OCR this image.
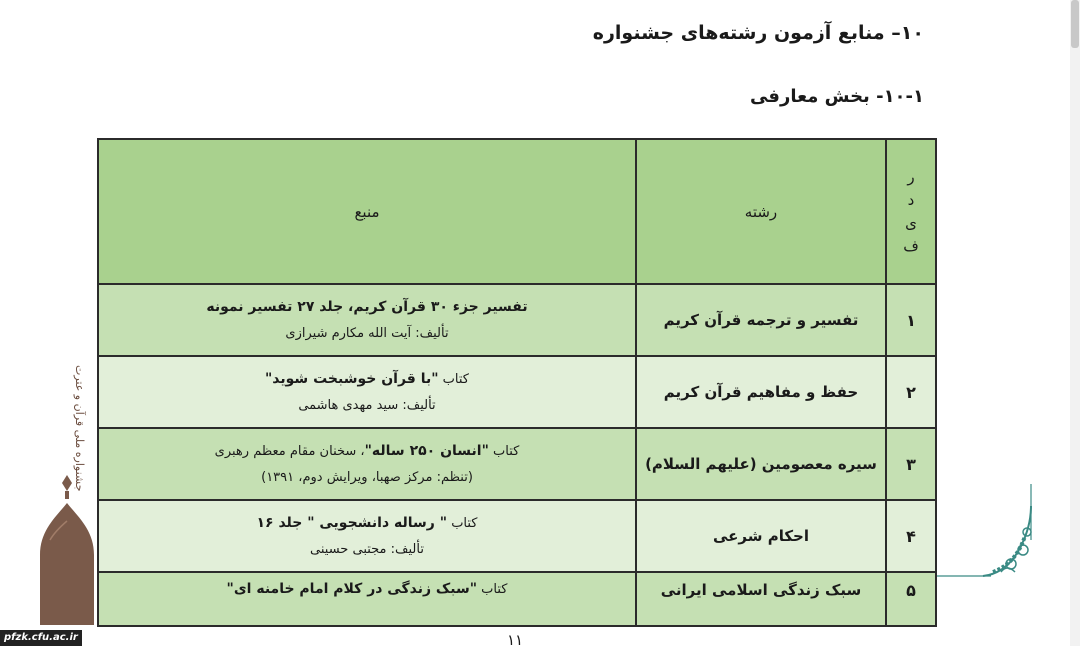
۱۰– منابع آزمون رشته‌های جشنواره
۱۰-۱- بخش معارفی
ر
د
ی
ف	رشته	منبع
۱	تفسیر و ترجمه قرآن کریم	تفسیر جزء ۳۰ قرآن کریم، جلد ۲۷ تفسیر نمونه
تألیف: آیت الله مکارم شیرازی

۲	حفظ و مفاهیم قرآن کریم	کتاب "با قرآن خوشبخت شوید"
تألیف: سید مهدی هاشمی

۳	سیره معصومین (علیهم السلام)	کتاب "انسان ۲۵۰ ساله"، سخنان مقام معظم رهبری
(تنظم: مرکز صهبا، ویرایش دوم، ۱۳۹۱)

۴	احکام شرعی	کتاب " رساله دانشجویی " جلد ۱۶
تألیف: مجتبی حسینی

۵	سبک زندگی اسلامی ایرانی	کتاب "سبک زندگی در کلام امام خامنه ای"
۱۱
جشنواره ملی قرآن و عترت
pfzk.cfu.ac.ir
